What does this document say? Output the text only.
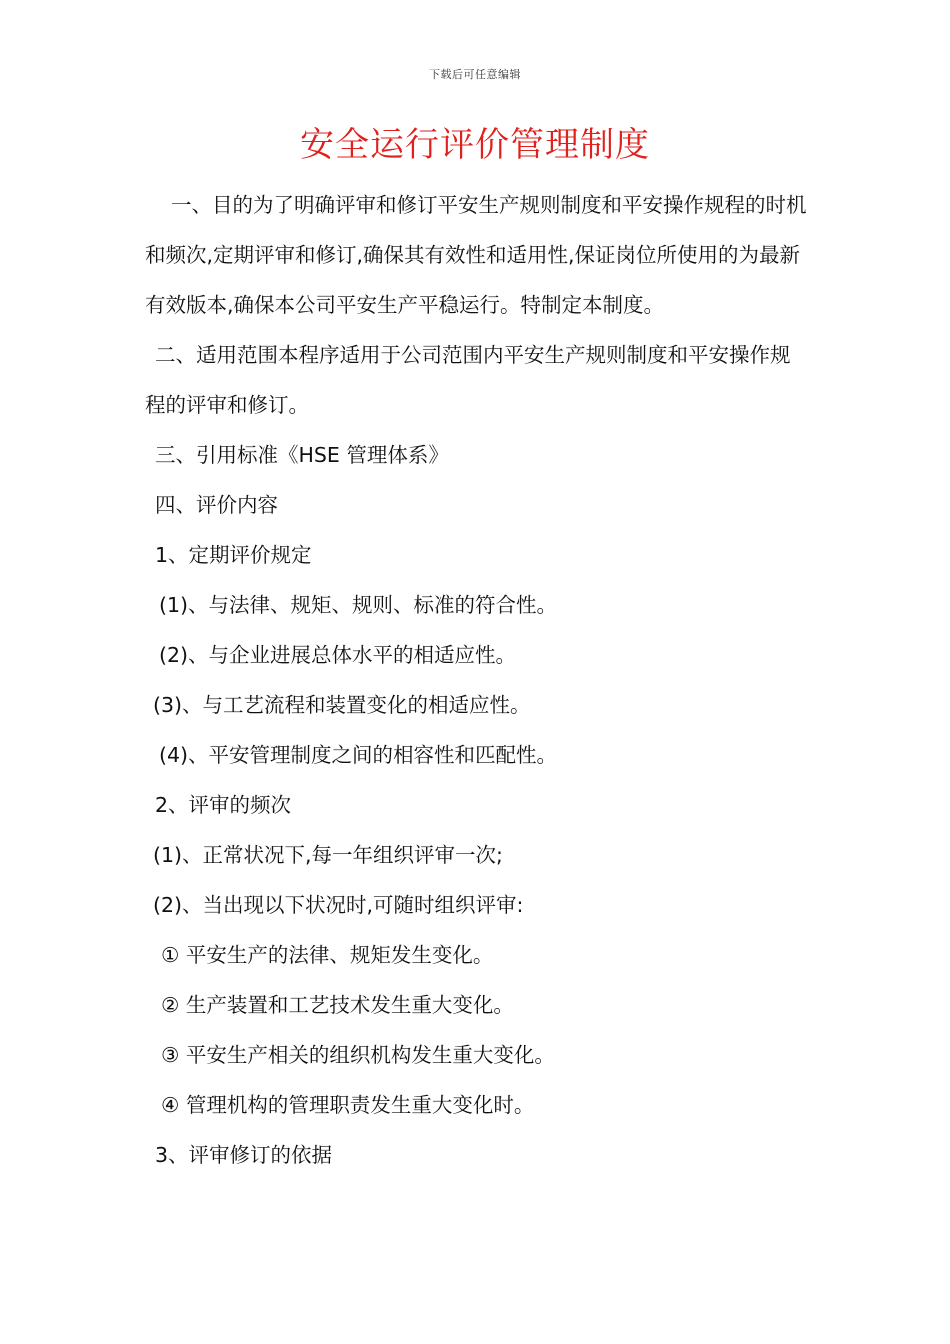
下载后可任意编辑
安全运行评价管理制度

一、目的为了明确评审和修订平安生产规则制度和平安操作规程的时机和频次,定期评审和修订,确保其有效性和适用性,保证岗位所使用的为最新有效版本,确保本公司平安生产平稳运行。特制定本制度。

二、适用范围本程序适用于公司范围内平安生产规则制度和平安操作规程的评审和修订。

三、引用标准《HSE 管理体系》

四、评价内容

1、定期评价规定

(1)、与法律、规矩、规则、标准的符合性。

(2)、与企业进展总体水平的相适应性。

(3)、与工艺流程和装置变化的相适应性。

(4)、平安管理制度之间的相容性和匹配性。

2、评审的频次

(1)、正常状况下,每一年组织评审一次;

(2)、当出现以下状况时,可随时组织评审:

① 平安生产的法律、规矩发生变化。

② 生产装置和工艺技术发生重大变化。

③ 平安生产相关的组织机构发生重大变化。

④ 管理机构的管理职责发生重大变化时。

3、评审修订的依据
